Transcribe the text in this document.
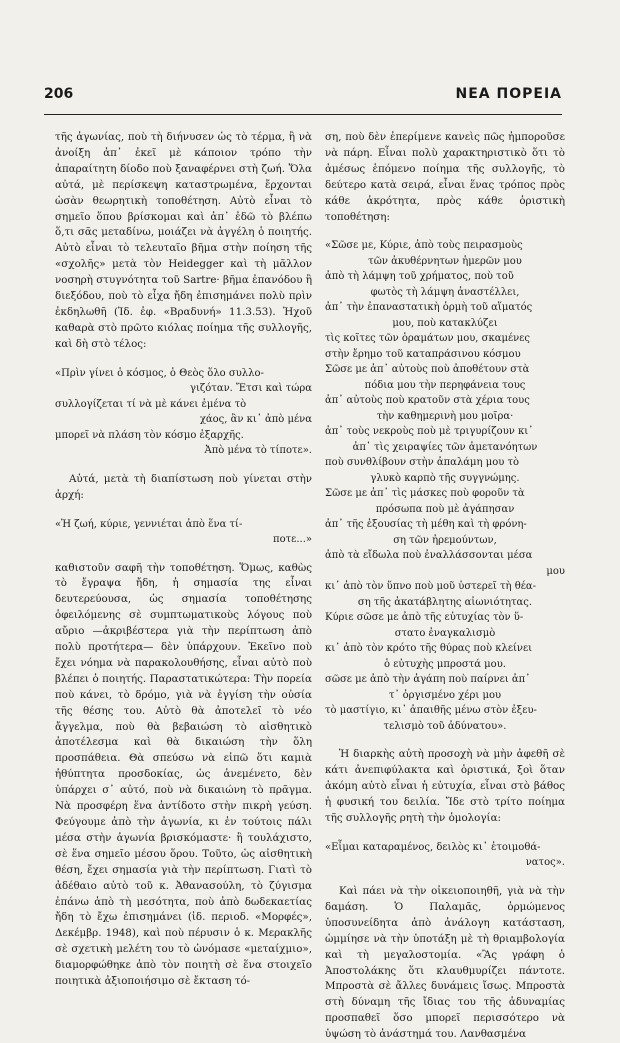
206	ΝΕΑ ΠΟΡΕΙΑ

τῆς ἀγωνίας, ποὺ τὴ διήνυσεν ὡς τὸ τέρμα, ἢ νὰ ἀνοίξη ἀπ᾽ ἐκεῖ μὲ κάποιον τρόπο τὴν ἀπαραίτητη δίοδο ποὺ ξαναφέρνει στὴ ζωή. Ὅλα αὐτά, μὲ περίσκεψη καταστρωμένα, ἔρχονται ὡσὰν θεωρητικὴ τοποθέτηση. Αὐτὸ εἶναι τὸ σημεῖο ὅπου βρίσκομαι καὶ ἀπ᾽ ἐδῶ τὸ βλέπω ὅ,τι σᾶς μεταδίνω, μοιάζει νὰ ἀγγέλη ὁ ποιητής. Αὐτὸ εἶναι τὸ τελευταῖο βῆμα στὴν ποίηση τῆς «σχολῆς» μετὰ τὸν Heidegger καὶ τὴ μᾶλλον νοσηρὴ στυγνότητα τοῦ Sartre· βῆμα ἐπανόδου ἢ διεξόδου, ποὺ τὸ εἶχα ἤδη ἐπισημάνει πολὺ πρὶν ἐκδηλωθῆ (Ἰδ. ἐφ. «Βραδυνή» 11.3.53). Ἠχοῦ καθαρὰ στὸ πρῶτο κιόλας ποίημα τῆς συλλογῆς, καὶ δὴ στὸ τέλος:

«Πρὶν γίνει ὁ κόσμος, ὁ Θεὸς ὅλο συλλο-
γιζόταν. Ἔτσι καὶ τώρα
συλλογίζεται τί νὰ μὲ κάνει ἐμένα τὸ
χάος, ἂν κι᾽ ἀπὸ μένα
μπορεῖ νὰ πλάση τὸν κόσμο ἐξαρχῆς.
Ἀπὸ μένα τὸ τίποτε».

Αὐτά, μετὰ τὴ διαπίστωση ποὺ γίνεται στὴν ἀρχή:

«Ἡ ζωή, κύριε, γεννιέται ἀπὸ ἕνα τί-
ποτε...»

καθιστοῦν σαφῆ τὴν τοποθέτηση. Ὅμως, καθὼς τὸ ἔγραψα ἤδη, ἡ σημασία της εἶναι δευτερεύουσα, ὡς σημασία τοποθέτησης ὀφειλόμενης σὲ συμπτωματικοὺς λόγους ποὺ αὔριο —ἀκριβέστερα γιὰ τὴν περίπτωση ἀπὸ πολὺ προτήτερα— δὲν ὑπάρχουν. Ἐκεῖνο ποὺ ἔχει νόημα νὰ παρακολουθήσης, εἶναι αὐτὸ ποὺ βλέπει ὁ ποιητής. Παραστατικώτερα: Τὴν πορεία ποὺ κάνει, τὸ δρόμο, γιὰ νὰ ἐγγίση τὴν οὐσία τῆς θέσης του. Αὐτὸ θὰ ἀποτελεῖ τὸ νέο ἄγγελμα, ποὺ θὰ βεβαιώση τὸ αἰσθητικὸ ἀποτέλεσμα καὶ θὰ δικαιώση τὴν ὅλη προσπάθεια. Θὰ σπεύσω νὰ εἰπῶ ὅτι καμιὰ ἠθύπτητα προσδοκίας, ὡς ἀνεμένετο, δὲν ὑπάρχει σ᾽ αὐτό, ποὺ νὰ δικαιώνη τὸ πρᾶγμα. Νὰ προσφέρη ἕνα ἀντίδοτο στὴν πικρὴ γεύση. Φεύγουμε ἀπὸ τὴν ἀγωνία, κι ἐν τούτοις πάλι μέσα στὴν ἀγωνία βρισκόμαστε· ἢ τουλάχιστο, σὲ ἕνα σημεῖο μέσου ὅρου. Τοῦτο, ὡς αἰσθητικὴ θέση, ἔχει σημασία γιὰ τὴν περίπτωση. Γιατὶ τὸ ἀδέθαιο αὐτὸ τοῦ κ. Ἀθανασούλη, τὸ ζύγισμα ἐπάνω ἀπὸ τὴ μεσότητα, ποὺ ἀπὸ δωδεκαετίας ἤδη τὸ ἔχω ἐπισημάνει (ἰδ. περιοδ. «Μορφές», Δεκέμβρ. 1948), καὶ ποὺ πέρυσιν ὁ κ. Μερακλῆς σὲ σχετικὴ μελέτη του τὸ ὠνόμασε «μεταίχμιο», διαμορφώθηκε ἀπὸ τὸν ποιητὴ σὲ ἕνα στοιχεῖο ποιητικὰ ἀξιοποιήσιμο σὲ ἔκταση τό-

ση, ποὺ δὲν ἐπερίμενε κανεὶς πῶς ἠμποροῦσε νὰ πάρη. Εἶναι πολὺ χαρακτηριστικὸ ὅτι τὸ ἀμέσως ἑπόμενο ποίημα τῆς συλλογῆς, τὸ δεύτερο κατὰ σειρά, εἶναι ἕνας τρόπος πρὸς κάθε ἀκρότητα, πρὸς κάθε ὁριστικὴ τοποθέτηση:

«Σῶσε με, Κύριε, ἀπὸ τοὺς πειρασμοὺς
τῶν ἀκυθέρνητων ἡμερῶν μου
ἀπὸ τὴ λάμψη τοῦ χρήματος, ποὺ τοῦ
φωτὸς τὴ λάμψη ἀναστέλλει,
ἀπ᾽ τὴν ἐπαναστατικὴ ὁρμὴ τοῦ αἵματός
μου, ποὺ κατακλύζει
τὶς κοῖτες τῶν ὁραμάτων μου, σκαμένες
στὴν ἔρημο τοῦ καταπράσινου κόσμου
Σῶσε με ἀπ᾽ αὐτοὺς ποὺ ἀποθέτουν στὰ
πόδια μου τὴν περηφάνεια τους
ἀπ᾽ αὐτοὺς ποὺ κρατοῦν στὰ χέρια τους
τὴν καθημερινὴ μου μοῖρα·
ἀπ᾽ τοὺς νεκροὺς ποὺ μὲ τριγυρίζουν κι᾽
ἀπ᾽ τὶς χειραψίες τῶν ἀμετανόητων
ποὺ συνθλίβουν στὴν ἀπαλάμη μου τὸ
γλυκὸ καρπὸ τῆς συγγνώμης.
Σῶσε με ἀπ᾽ τὶς μάσκες ποὺ φοροῦν τὰ
πρόσωπα ποὺ μὲ ἀγάπησαν
ἀπ᾽ τῆς ἐξουσίας τὴ μέθη καὶ τὴ φρόνη-
ση τῶν ἠρεμούντων,
ἀπὸ τὰ εἴδωλα ποὺ ἐναλλάσσονται μέσα
μου
κι᾽ ἀπὸ τὸν ὕπνο ποὺ μοῦ ὑστερεῖ τὴ θέα-
ση τῆς ἀκατάβλητης αἰωνιότητας.
Κύριε σῶσε με ἀπὸ τῆς εὐτυχίας τὸν ὕ-
στατο ἐναγκαλισμὸ
κι᾽ ἀπὸ τὸν κρότο τῆς θύρας ποὺ κλείνει
ὁ εὐτυχὴς μπροστά μου.
σῶσε με ἀπὸ τὴν ἀγάπη ποὺ παίρνει ἀπ᾽
τ᾽ ὀργισμένο χέρι μου
τὸ μαστίγιο, κι᾽ ἀπαιθῆς μένω στὸν ἐξευ-
τελισμὸ τοῦ ἀδύνατου».

Ἡ διαρκὴς αὐτὴ προσοχὴ νὰ μὴν ἀφεθῆ σὲ κάτι ἀνεπιφύλακτα καὶ ὁριστικά, ξοὶ ὅταν ἀκόμη αὐτὸ εἶναι ἡ εὐτυχία, εἶναι στὸ βάθος ἡ φυσική του δειλία. Ἴδε στὸ τρίτο ποίημα τῆς συλλογῆς ρητὴ τὴν ὁμολογία:

«Εἶμαι καταραμένος, δειλὸς κι᾽ ἑτοιμοθά-
νατος».

Καὶ πάει νὰ τὴν οἰκειοποιηθῆ, γιὰ νὰ τὴν δαμάση. Ὁ Παλαμᾶς, ὁρμώμενος ὑποσυνείδητα ἀπὸ ἀνάλογη κατάσταση, ὡμμίησε νὰ τὴν ὑποτάξη μὲ τὴ θριαμβολογία καὶ τὴ μεγαλοστομία. «Ἂς γράφη ὁ Ἀποστολάκης ὅτι κλαυθμυρίζει πάντοτε. Μπροστὰ σὲ ἄλλες δυνάμεις ἴσως. Μπροστὰ στὴ δύναμη τῆς ἴδιας του τῆς ἀδυναμίας προσπαθεῖ ὅσο μπορεῖ περισσότερο νὰ ὑψώση τὸ ἀνάστημά του. Λανθασμένα
